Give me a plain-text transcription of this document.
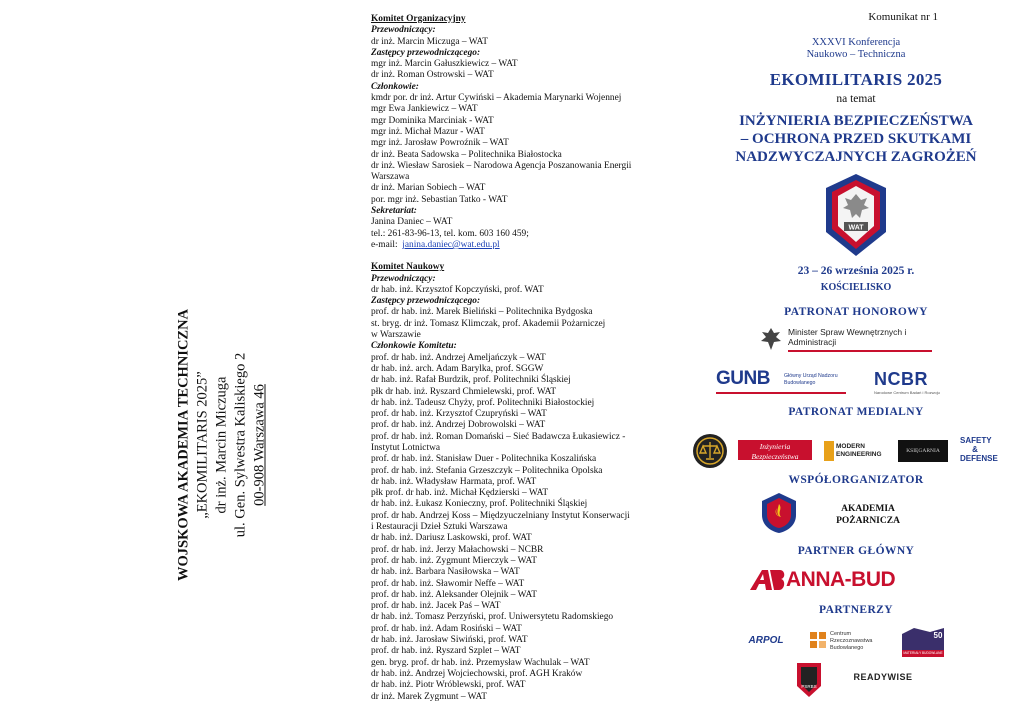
WOJSKOWA AKADEMIA TECHNICZNA „EKOMILITARIS 2025” dr inż. Marcin Miczuga ul. Gen. Sylwestra Kaliskiego 2 00-908 Warszawa 46
Komitet Organizacyjny
Przewodniczący:
dr inż. Marcin Miczuga – WAT
Zastępcy przewodniczącego:
mgr inż. Marcin Gałuszkiewicz – WAT
dr inż. Roman Ostrowski – WAT
Członkowie:
kmdr por. dr inż. Artur Cywiński – Akademia Marynarki Wojennej
mgr Ewa Jankiewicz – WAT
mgr Dominika Marciniak - WAT
mgr inż. Michał Mazur - WAT
mgr inż. Jarosław Powroźnik – WAT
dr inż. Beata Sadowska – Politechnika Białostocka
dr inż. Wiesław Sarosiek – Narodowa Agencja Poszanowania Energii
Warszawa
dr inż. Marian Sobiech – WAT
por. mgr inż. Sebastian Tatko - WAT
Sekretariat:
Janina Daniec – WAT
tel.: 261-83-96-13, tel. kom. 603 160 459;
e-mail: janina.daniec@wat.edu.pl
Komitet Naukowy
Przewodniczący:
dr hab. inż. Krzysztof Kopczyński, prof. WAT
Zastępcy przewodniczącego:
prof. dr hab. inż. Marek Bieliński – Politechnika Bydgoska
st. bryg. dr inż. Tomasz Klimczak, prof. Akademii Pożarniczej
w Warszawie
Członkowie Komitetu:
prof. dr hab. inż. Andrzej Ameljańczyk – WAT
dr hab. inż. arch. Adam Barylka, prof. SGGW
dr hab. inż. Rafał Burdzik, prof. Politechniki Śląskiej
płk dr hab. inż. Ryszard Chmielewski, prof. WAT
dr hab. inż. Tadeusz Chyży, prof. Politechniki Białostockiej
prof. dr hab. inż. Krzysztof Czupryński – WAT
prof. dr hab. inż. Andrzej Dobrowolski – WAT
prof. dr hab. inż. Roman Domański – Sieć Badawcza Łukasiewicz -
Instytut Lotnictwa
prof. dr hab. inż. Stanisław Duer - Politechnika Koszalińska
prof. dr hab. inż. Stefania Grzeszczyk – Politechnika Opolska
dr hab. inż. Władysław Harmata, prof. WAT
płk prof. dr hab. inż. Michał Kędzierski – WAT
dr hab. inż. Łukasz Konieczny, prof. Politechniki Śląskiej
prof. dr hab. Andrzej Koss – Międzyuczelniany Instytut Konserwacji
i Restauracji Dzieł Sztuki Warszawa
dr hab. inż. Dariusz Laskowski, prof. WAT
prof. dr hab. inż. Jerzy Małachowski – NCBR
prof. dr hab. inż. Zygmunt Mierczyk – WAT
dr hab. inż. Barbara Nasiłowska – WAT
prof. dr hab. inż. Sławomir Neffe – WAT
prof. dr hab. inż. Aleksander Olejnik – WAT
prof. dr hab. inż. Jacek Paś – WAT
dr hab. inż. Tomasz Perzyński, prof. Uniwersytetu Radomskiego
prof. dr hab. inż. Adam Rosiński – WAT
dr hab. inż. Jarosław Siwiński, prof. WAT
prof. dr hab. inż. Ryszard Szplet – WAT
gen. bryg. prof. dr hab. inż. Przemysław Wachulak – WAT
dr hab. inż. Andrzej Wojciechowski, prof. AGH Kraków
dr hab. inż. Piotr Wróblewski, prof. WAT
dr inż. Marek Zygmunt – WAT
Komunikat nr 1
XXXVI Konferencja
Naukowo – Techniczna
EKOMILITARIS 2025
na temat
INŻYNIERIA BEZPIECZEŃSTWA
– OCHRONA PRZED SKUTKAMI
NADZWYCZAJNYCH ZAGROŻEŃ
WAT
23 – 26 września 2025 r.
KOŚCIELISKO
PATRONAT HONOROWY
Minister Spraw Wewnętrznych i Administracji
GUNB	Główny Urząd Nadzoru Budowlanego	NCBR
Narodowe Centrum Badań i Rozwoju
PATRONAT MEDIALNY
Inżynieria Bezpieczeństwa
MODERN ENGINEERING	KSIĘGARNIA
SAFETY & DEFENSE
WSPÓŁORGANIZATOR
AKADEMIA POŻARNICZA
PARTNER GŁÓWNY
ANNA-BUD
PARTNERZY
ARPOL
Centrum Rzeczoznawstwa Budowlanego
50
MATERIAŁY BUDOWLANE
PSRBS
READYWISE
